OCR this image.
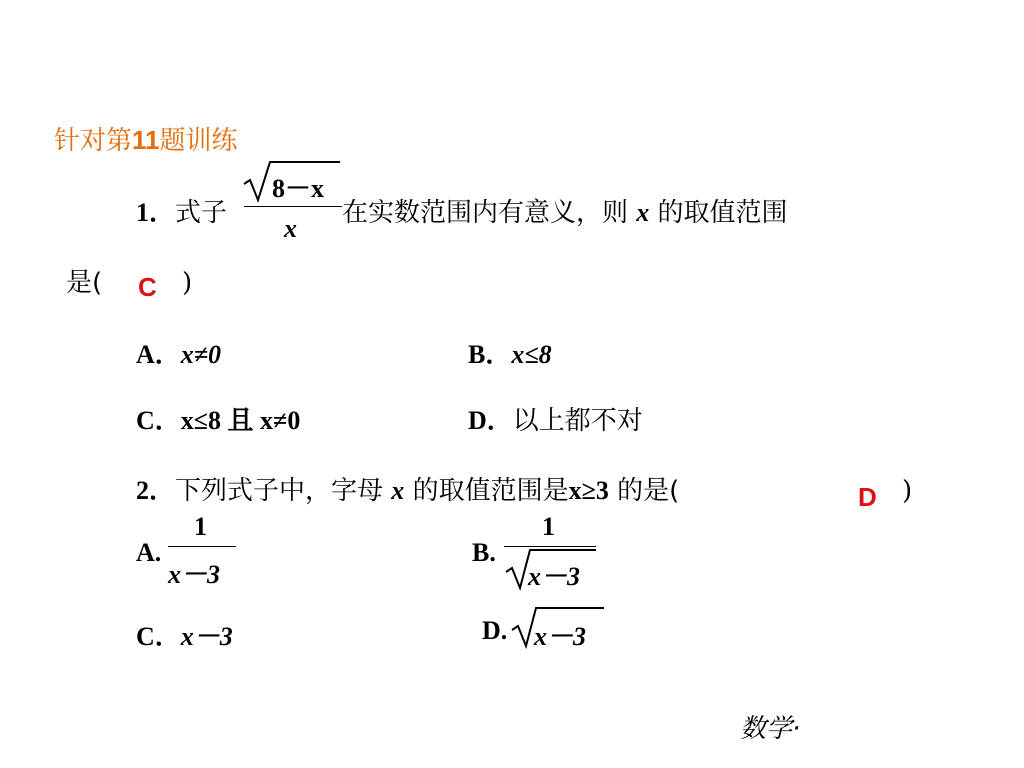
针对第11题训练
1．式子
8－x
x
在实数范围内有意义，则 x 的取值范围
是( C )
A．x≠0	B．x≤8
C．x≤8 且 x≠0	D．以上都不对
2．下列式子中，字母 x 的取值范围是x≥3 的是(	D )
A.
1
x－3
B.
1
x－3
C．x－3	D. x－3
数学·
